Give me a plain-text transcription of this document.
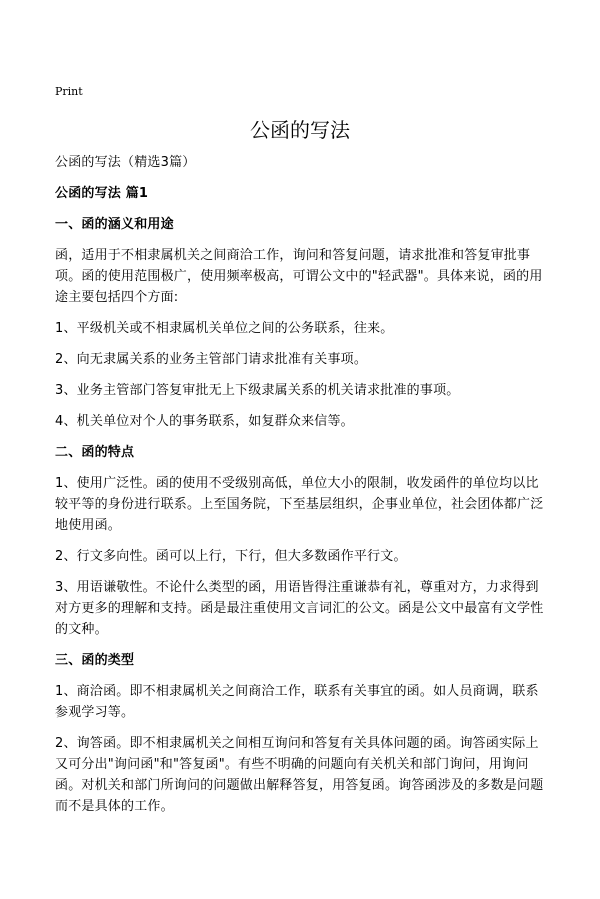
Print
公函的写法

公函的写法（精选3篇）

公函的写法 篇1

一、函的涵义和用途

函，适用于不相隶属机关之间商洽工作，询问和答复问题，请求批准和答复审批事项。函的使用范围极广，使用频率极高，可谓公文中的"轻武器"。具体来说，函的用途主要包括四个方面:

1、平级机关或不相隶属机关单位之间的公务联系，往来。

2、向无隶属关系的业务主管部门请求批准有关事项。

3、业务主管部门答复审批无上下级隶属关系的机关请求批准的事项。

4、机关单位对个人的事务联系，如复群众来信等。

二、函的特点

1、使用广泛性。函的使用不受级别高低，单位大小的限制，收发函件的单位均以比较平等的身份进行联系。上至国务院，下至基层组织，企事业单位，社会团体都广泛地使用函。

2、行文多向性。函可以上行，下行，但大多数函作平行文。

3、用语谦敬性。不论什么类型的函，用语皆得注重谦恭有礼，尊重对方，力求得到对方更多的理解和支持。函是最注重使用文言词汇的公文。函是公文中最富有文学性的文种。

三、函的类型

1、商洽函。即不相隶属机关之间商洽工作，联系有关事宜的函。如人员商调，联系参观学习等。

2、询答函。即不相隶属机关之间相互询问和答复有关具体问题的函。询答函实际上又可分出"询问函"和"答复函"。有些不明确的问题向有关机关和部门询问，用询问函。对机关和部门所询问的问题做出解释答复，用答复函。询答函涉及的多数是问题而不是具体的工作。
